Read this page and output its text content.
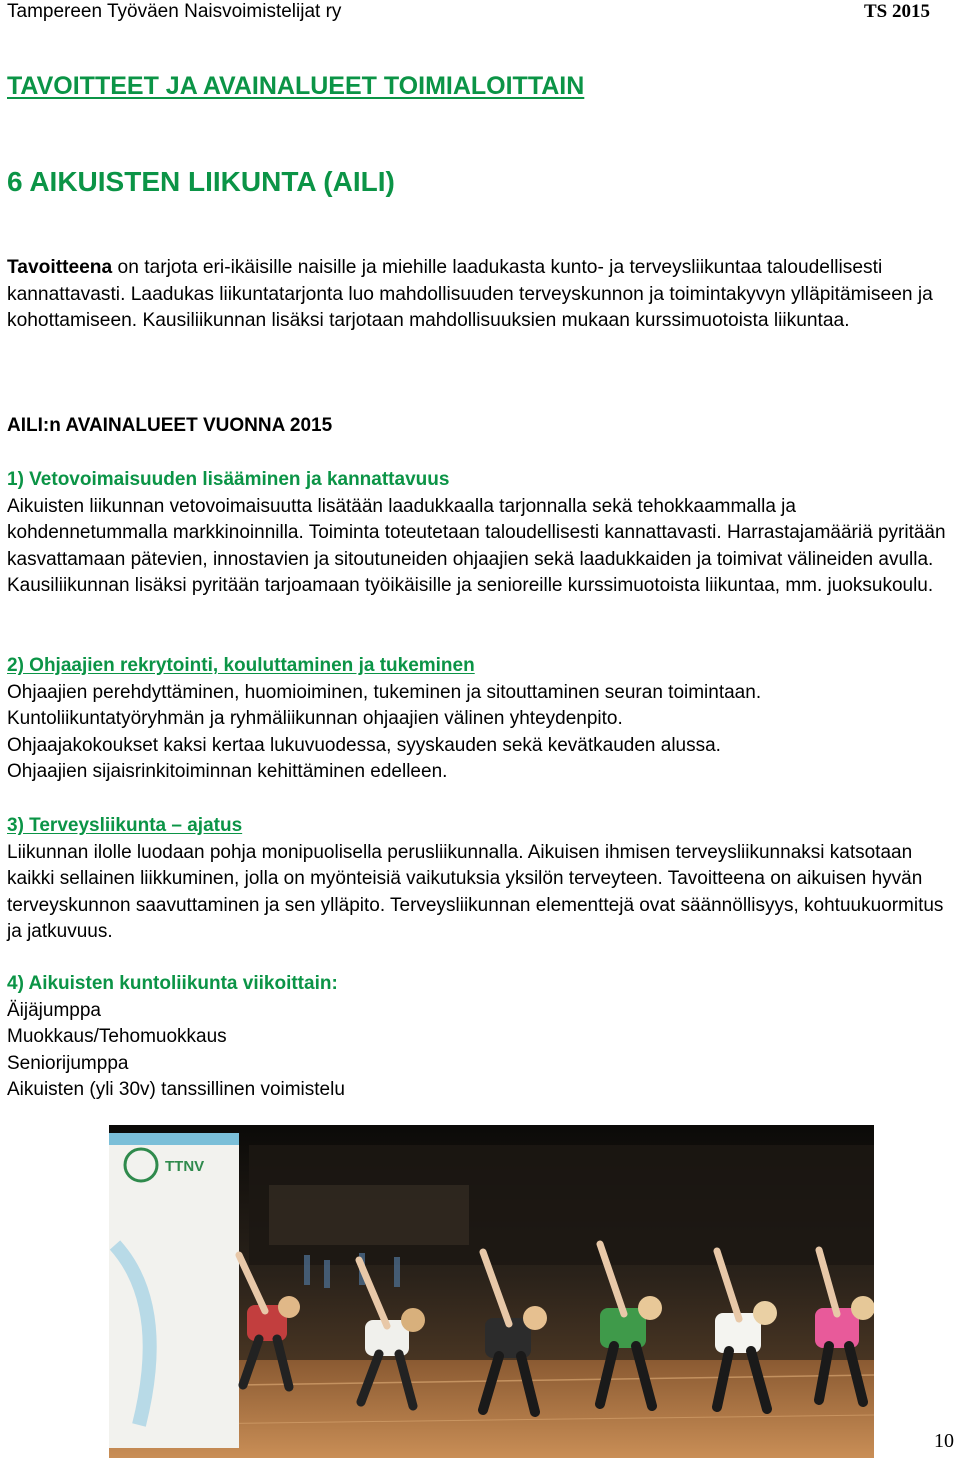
Tampereen Työväen Naisvoimistelijat ry	TS 2015
TAVOITTEET JA AVAINALUEET TOIMIALOITTAIN
6 AIKUISTEN LIIKUNTA (AILI)

Tavoitteena on tarjota eri-ikäisille naisille ja miehille laadukasta kunto- ja terveysliikuntaa taloudellisesti kannattavasti. Laadukas liikuntatarjonta luo mahdollisuuden terveyskunnon ja toimintakyvyn ylläpitämiseen ja kohottamiseen. Kausiliikunnan lisäksi tarjotaan mahdollisuuksien mukaan kurssimuotoista liikuntaa.

AILI:n AVAINALUEET VUONNA 2015
1) Vetovoimaisuuden lisääminen ja kannattavuus

Aikuisten liikunnan vetovoimaisuutta lisätään laadukkaalla tarjonnalla sekä tehokkaammalla ja kohdennetummalla markkinoinnilla. Toiminta toteutetaan taloudellisesti kannattavasti. Harrastajamääriä pyritään kasvattamaan pätevien, innostavien ja sitoutuneiden ohjaajien sekä laadukkaiden ja toimivat välineiden avulla. Kausiliikunnan lisäksi pyritään tarjoamaan työikäisille ja senioreille kurssimuotoista liikuntaa, mm. juoksukoulu.

2) Ohjaajien rekrytointi, kouluttaminen ja tukeminen

Ohjaajien perehdyttäminen, huomioiminen, tukeminen ja sitouttaminen seuran toimintaan.

Kuntoliikuntatyöryhmän ja ryhmäliikunnan ohjaajien välinen yhteydenpito.

Ohjaajakokoukset kaksi kertaa lukuvuodessa, syyskauden sekä kevätkauden alussa.

Ohjaajien sijaisrinkitoiminnan kehittäminen edelleen.

3) Terveysliikunta – ajatus

Liikunnan ilolle luodaan pohja monipuolisella perusliikunnalla. Aikuisen ihmisen terveysliikunnaksi katsotaan kaikki sellainen liikkuminen, jolla on myönteisiä vaikutuksia yksilön terveyteen. Tavoitteena on aikuisen hyvän terveyskunnon saavuttaminen ja sen ylläpito. Terveysliikunnan elementtejä ovat säännöllisyys, kohtuukuormitus ja jatkuvuus.

4) Aikuisten kuntoliikunta viikoittain:

Äijäjumppa

Muokkaus/Tehomuokkaus

Seniorijumppa

Aikuisten (yli 30v) tanssillinen voimistelu

TTNV
10
